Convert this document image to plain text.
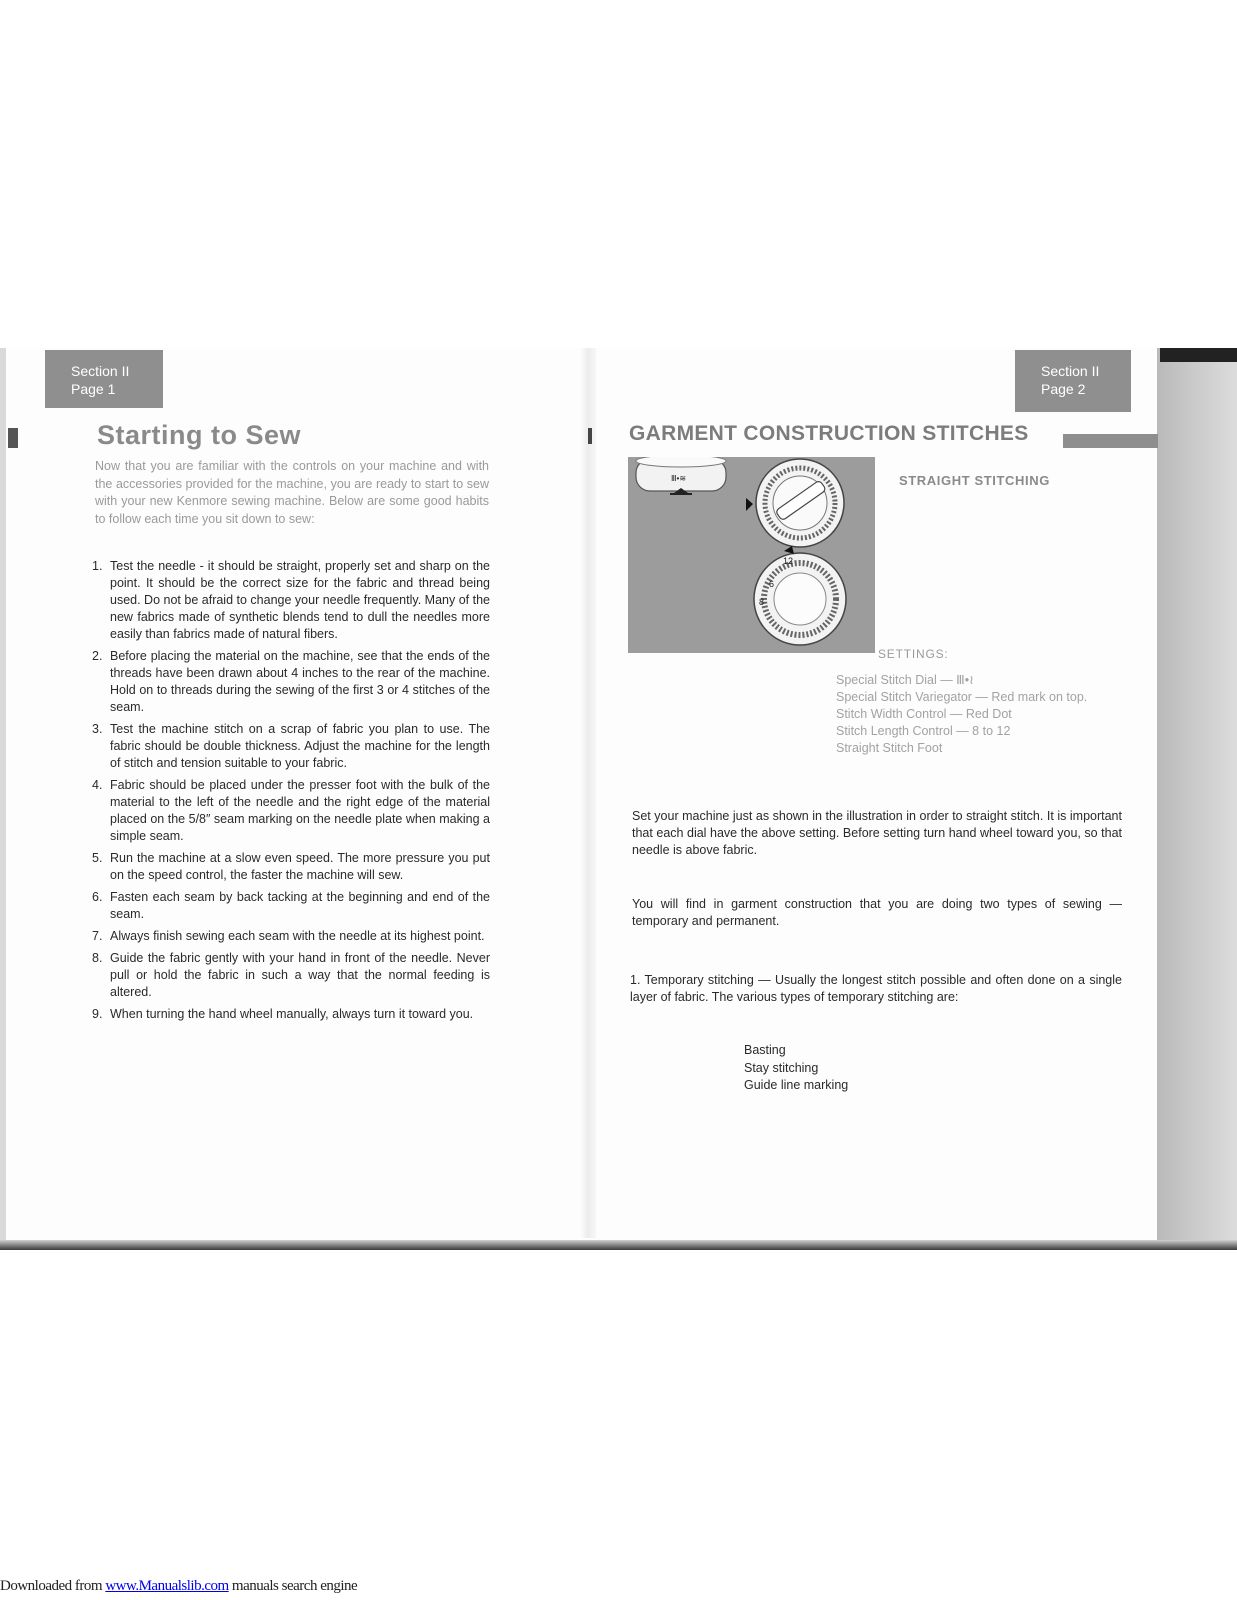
Section II
Page 1
Starting to Sew
Now that you are familiar with the controls on your machine and with the accessories provided for the machine, you are ready to start to sew with your new Kenmore sewing machine. Below are some good habits to follow each time you sit down to sew:
1. Test the needle - it should be straight, properly set and sharp on the point. It should be the correct size for the fabric and thread being used. Do not be afraid to change your needle frequently. Many of the new fabrics made of synthetic blends tend to dull the needles more easily than fabrics made of natural fibers.
2. Before placing the material on the machine, see that the ends of the threads have been drawn about 4 inches to the rear of the machine. Hold on to threads during the sewing of the first 3 or 4 stitches of the seam.
3. Test the machine stitch on a scrap of fabric you plan to use. The fabric should be double thickness. Adjust the machine for the length of stitch and tension suitable to your fabric.
4. Fabric should be placed under the presser foot with the bulk of the material to the left of the needle and the right edge of the material placed on the 5/8″ seam marking on the needle plate when making a simple seam.
5. Run the machine at a slow even speed. The more pressure you put on the speed control, the faster the machine will sew.
6. Fasten each seam by back tacking at the beginning and end of the seam.
7. Always finish sewing each seam with the needle at its highest point.
8. Guide the fabric gently with your hand in front of the needle. Never pull or hold the fabric in such a way that the normal feeding is altered.
9. When turning the hand wheel manually, always turn it toward you.
Section II
Page 2
GARMENT CONSTRUCTION STITCHES
Ⅲ•≋
6
8
12
STRAIGHT STITCHING
SETTINGS:
Special Stitch Dial — Ⅲ•≀
Special Stitch Variegator — Red mark on top.
Stitch Width Control — Red Dot
Stitch Length Control — 8 to 12
Straight Stitch Foot
Set your machine just as shown in the illustration in order to straight stitch. It is important that each dial have the above setting. Before setting turn hand wheel toward you, so that needle is above fabric.
You will find in garment construction that you are doing two types of sewing — temporary and permanent.
1. Temporary stitching — Usually the longest stitch possible and often done on a single layer of fabric. The various types of temporary stitching are:
Basting
Stay stitching
Guide line marking
Downloaded from www.Manualslib.com manuals search engine
